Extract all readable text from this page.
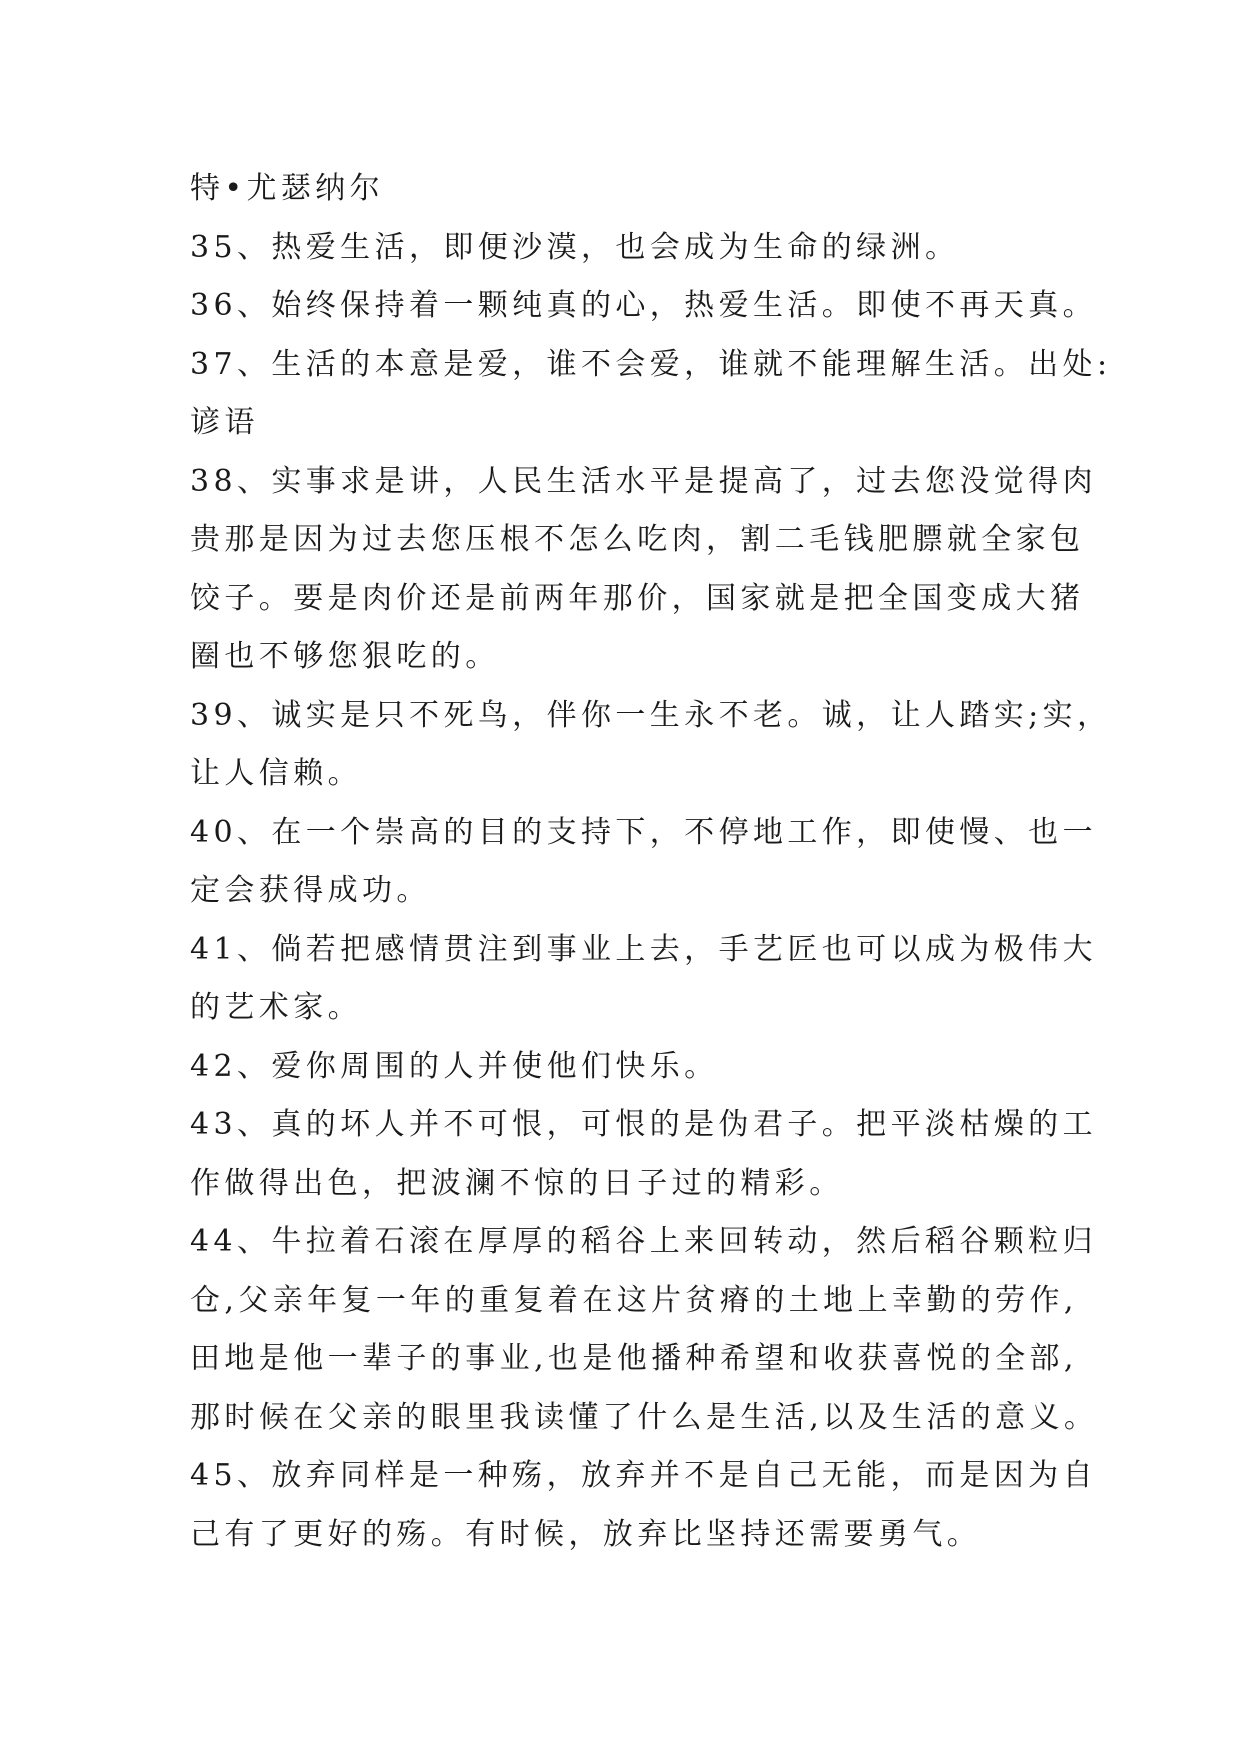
特•尤瑟纳尔
35、热爱生活，即便沙漠，也会成为生命的绿洲。
36、始终保持着一颗纯真的心，热爱生活。即使不再天真。
37、生活的本意是爱，谁不会爱，谁就不能理解生活。出处:
谚语
38、实事求是讲，人民生活水平是提高了，过去您没觉得肉
贵那是因为过去您压根不怎么吃肉，割二毛钱肥膘就全家包
饺子。要是肉价还是前两年那价，国家就是把全国变成大猪
圈也不够您狠吃的。
39、诚实是只不死鸟，伴你一生永不老。诚，让人踏实;实，
让人信赖。
40、在一个崇高的目的支持下，不停地工作，即使慢、也一
定会获得成功。
41、倘若把感情贯注到事业上去，手艺匠也可以成为极伟大
的艺术家。
42、爱你周围的人并使他们快乐。
43、真的坏人并不可恨，可恨的是伪君子。把平淡枯燥的工
作做得出色，把波澜不惊的日子过的精彩。
44、牛拉着石滚在厚厚的稻谷上来回转动，然后稻谷颗粒归
仓,父亲年复一年的重复着在这片贫瘠的土地上幸勤的劳作,
田地是他一辈子的事业,也是他播种希望和收获喜悦的全部,
那时候在父亲的眼里我读懂了什么是生活,以及生活的意义。
45、放弃同样是一种殇，放弃并不是自己无能，而是因为自
己有了更好的殇。有时候，放弃比坚持还需要勇气。
